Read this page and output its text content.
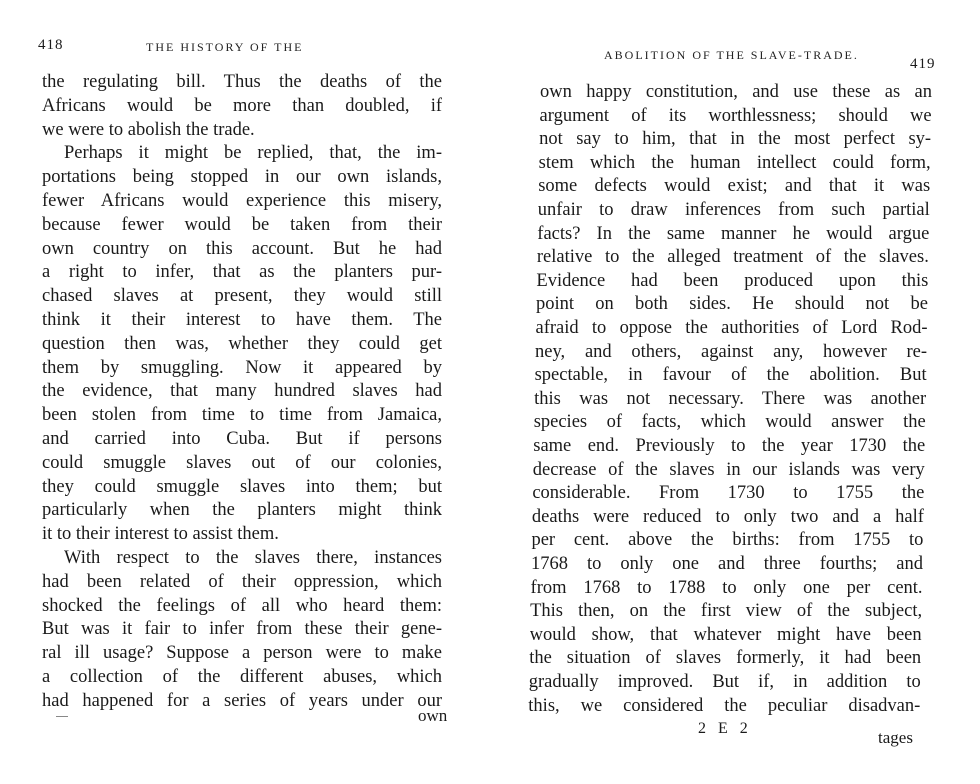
418	THE HISTORY OF THE
the regulating bill. Thus the deaths of the
Africans would be more than doubled, if
we were to abolish the trade.
Perhaps it might be replied, that, the im-
portations being stopped in our own islands,
fewer Africans would experience this misery,
because fewer would be taken from their
own country on this account. But he had
a right to infer, that as the planters pur-
chased slaves at present, they would still
think it their interest to have them. The
question then was, whether they could get
them by smuggling. Now it appeared by
the evidence, that many hundred slaves had
been stolen from time to time from Jamaica,
and carried into Cuba. But if persons
could smuggle slaves out of our colonies,
they could smuggle slaves into them; but
particularly when the planters might think
it to their interest to assist them.
With respect to the slaves there, instances
had been related of their oppression, which
shocked the feelings of all who heard them:
But was it fair to infer from these their gene-
ral ill usage? Suppose a person were to make
a collection of the different abuses, which
had happened for a series of years under our
own
ABOLITION OF THE SLAVE-TRADE.
419
own happy constitution, and use these as an
argument of its worthlessness; should we
not say to him, that in the most perfect sy-
stem which the human intellect could form,
some defects would exist; and that it was
unfair to draw inferences from such partial
facts? In the same manner he would argue
relative to the alleged treatment of the slaves.
Evidence had been produced upon this
point on both sides. He should not be
afraid to oppose the authorities of Lord Rod-
ney, and others, against any, however re-
spectable, in favour of the abolition. But
this was not necessary. There was another
species of facts, which would answer the
same end. Previously to the year 1730 the
decrease of the slaves in our islands was very
considerable. From 1730 to 1755 the
deaths were reduced to only two and a half
per cent. above the births: from 1755 to
1768 to only one and three fourths; and
from 1768 to 1788 to only one per cent.
This then, on the first view of the subject,
would show, that whatever might have been
the situation of slaves formerly, it had been
gradually improved. But if, in addition to
this, we considered the peculiar disadvan-
2 E 2	tages
